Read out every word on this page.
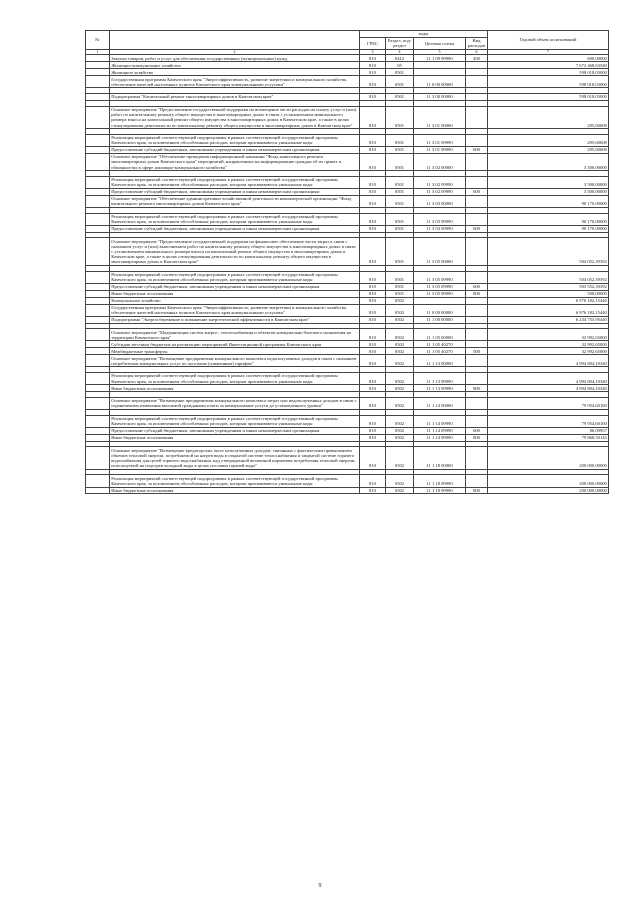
№		коды				Годовой объем ассигнований
		ГРБС	Раздел, под-раздел	Целевая статья	Вид расходов	
1	2	3	4	5	6	7
	Закупка товаров, работ и услуг для обеспечения государственных (муниципальных) нужд	810	0412	11 1 09 09990	200	600,00000
	Жилищно-коммунальное хозяйство	810	05			7 672 468,63540
	Жилищное хозяйство	810	0501			598 018,03000
	Государственная программа Камчатского края "Энергоэффективность, развитие энергетики и коммунального хозяйства, обеспечение жителей населенных пунктов Камчатского края коммунальными услугами"	810	0501	11 0 00 00000		598 018,03000

	Подпрограмма "Капитальный ремонт многоквартирных домов в Камчатском крае"	810	0501	11 3 00 00000		598 018,03000

	Основное мероприятие "Предоставление государственной поддержки на возмещение части расходов на оплату услуг и (или) работ по капитальному ремонту общего имущества в многоквартирных домах в связи с установлением минимального размера взноса на капитальный ремонт общего имущества в многоквартирных домах в Камчатском крае, а также в целях стимулирования деятельности по капитальному ремонту общего имущества в многоквартирных домах в Камчатском крае"	810	0501	11 3 01 00000		295,60608

	Реализация мероприятий соответствующей подпрограммы в рамках соответствующей государственной программы Камчатского края, за исключением обособленных расходов, которым присваиваются уникальные коды	810	0501	11 3 01 09990		295,60608
	Предоставление субсидий бюджетным, автономным учреждениям и иным некоммерческим организациям	810	0501	11 3 01 09990	600	295,60608
	Основное мероприятие "Обеспечение проведения информационной кампании "Фонд капитального ремонта многоквартирных домов Камчатского края" мероприятий, направленных на информирование граждан об их правах и обязанностях в сфере жилищно-коммунального хозяйства"	810	0501	11 3 02 00000		3 500,00000

	Реализация мероприятий соответствующей подпрограммы в рамках соответствующей государственной программы Камчатского края, за исключением обособленных расходов, которым присваиваются уникальные коды	810	0501	11 3 02 09990		3 500,00000
	Предоставление субсидий бюджетным, автономным учреждениям и иным некоммерческим организациям	810	0501	11 3 02 09990	600	3 500,00000
	Основное мероприятие "Обеспечение административно-хозяйственной деятельности некоммерческой организации "Фонд капитального ремонта многоквартирных домов Камчатского края"	810	0501	11 3 03 00000		90 170,00000

	Реализация мероприятий соответствующей подпрограммы в рамках соответствующей государственной программы Камчатского края, за исключением обособленных расходов, которым присваиваются уникальные коды	810	0501	11 3 03 09990		90 170,00000
	Предоставление субсидий бюджетным, автономным учреждениям и иным некоммерческим организациям	810	0501	11 3 03 09990	600	90 170,00000

	Основное мероприятие "Предоставление государственной поддержки на финансовое обеспечение части затрат в связи с оказанием услуг и (или) выполнением работ по капитальному ремонту общего имущества в многоквартирных домах в связи с установлением минимального размера взноса на капитальный ремонт общего имущества в многоквартирных домах в Камчатском крае, а также в целях стимулирования деятельности по капитальному ремонту общего имущества в многоквартирных домах в Камчатском крае"	810	0501	11 3 05 00000		504 052,39392

	Реализация мероприятий соответствующей подпрограммы в рамках соответствующей государственной программы Камчатского края, за исключением обособленных расходов, которым присваиваются уникальные коды	810	0501	11 3 05 09990		504 052,39392
	Предоставление субсидий бюджетным, автономным учреждениям и иным некоммерческим организациям	810	0501	11 3 05 09990	600	503 552,39392
	Иные бюджетные ассигнования	810	0501	11 3 05 09990	800	500,00000
	Коммунальное хозяйство	810	0502			6 976 182,15440
	Государственная программа Камчатского края "Энергоэффективность, развитие энергетики и коммунального хозяйства, обеспечение жителей населенных пунктов Камчатского края коммунальными услугами"	810	0502	11 0 00 00000		6 976 182,15440
	Подпрограмма "Энергосбережение и повышение энергетической эффективности в Камчатском крае"	810	0502	11 1 00 00000		6 234 753,95440

	Основное мероприятие "Модернизация систем энерго-, теплоснабжения и объектов коммунально-бытового назначения на территории Камчатского края"	810	0502	11 1 05 00000		32 992,65000
	Субсидии местным бюджетам на реализацию мероприятий Инвестиционной программы Камчатского края	810	0502	11 1 05 40270		32 992,65000
	Межбюджетные трансферты	810	0502	11 1 05 40270	500	32 992,65000
	Основное мероприятие "Возмещение предприятиям коммунального комплекса недополученных доходов в связи с оказанием потребителям коммунальных услуг по льготным (сниженным) тарифам"	810	0502	11 1 13 00000		4 994 804,10340

	Реализация мероприятий соответствующей подпрограммы в рамках соответствующей государственной программы Камчатского края, за исключением обособленных расходов, которым присваиваются уникальные коды	810	0502	11 1 13 09990		4 994 804,10340
	Иные бюджетные ассигнования	810	0502	11 1 13 09990	800	4 994 804,10340

	Основное мероприятие "Возмещение предприятиям коммунального комплекса затрат или недополученных доходов в связи с ограничением изменения вносимой гражданами платы за коммунальные услуги до установленного уровня"	810	0502	11 1 14 00000		79 954,60100

	Реализация мероприятий соответствующей подпрограммы в рамках соответствующей государственной программы Камчатского края, за исключением обособленных расходов, которым присваиваются уникальные коды	810	0502	11 1 14 09990		79 954,60100
	Предоставление субсидий бюджетным, автономным учреждениям и иным некоммерческим организациям	810	0502	11 1 14 09990	600	86,09957
	Иные бюджетные ассигнования	810	0502	11 1 14 09990	800	79 868,50143

	Основное мероприятие "Возмещение кредиторских льгот неполученных доходов, связанных с фактическим превышением объемов тепловой энергии, потребляемой на нагрев воды в открытой системе теплоснабжения и закрытой системе горячего водоснабжения для целей горячего водоснабжения, над утвержденной величиной норматива потребления тепловой энергии, используемой на подогрев холодной воды в целях поставки горячей воды"	810	0502	11 1 18 00000		200 000,00000

	Реализация мероприятий соответствующей подпрограммы в рамках соответствующей государственной программы Камчатского края, за исключением обособленных расходов, которым присваиваются уникальные коды	810	0502	11 1 18 09990		200 000,00000
	Иные бюджетные ассигнования	810	0502	11 1 18 09990	800	200 000,00000
9
